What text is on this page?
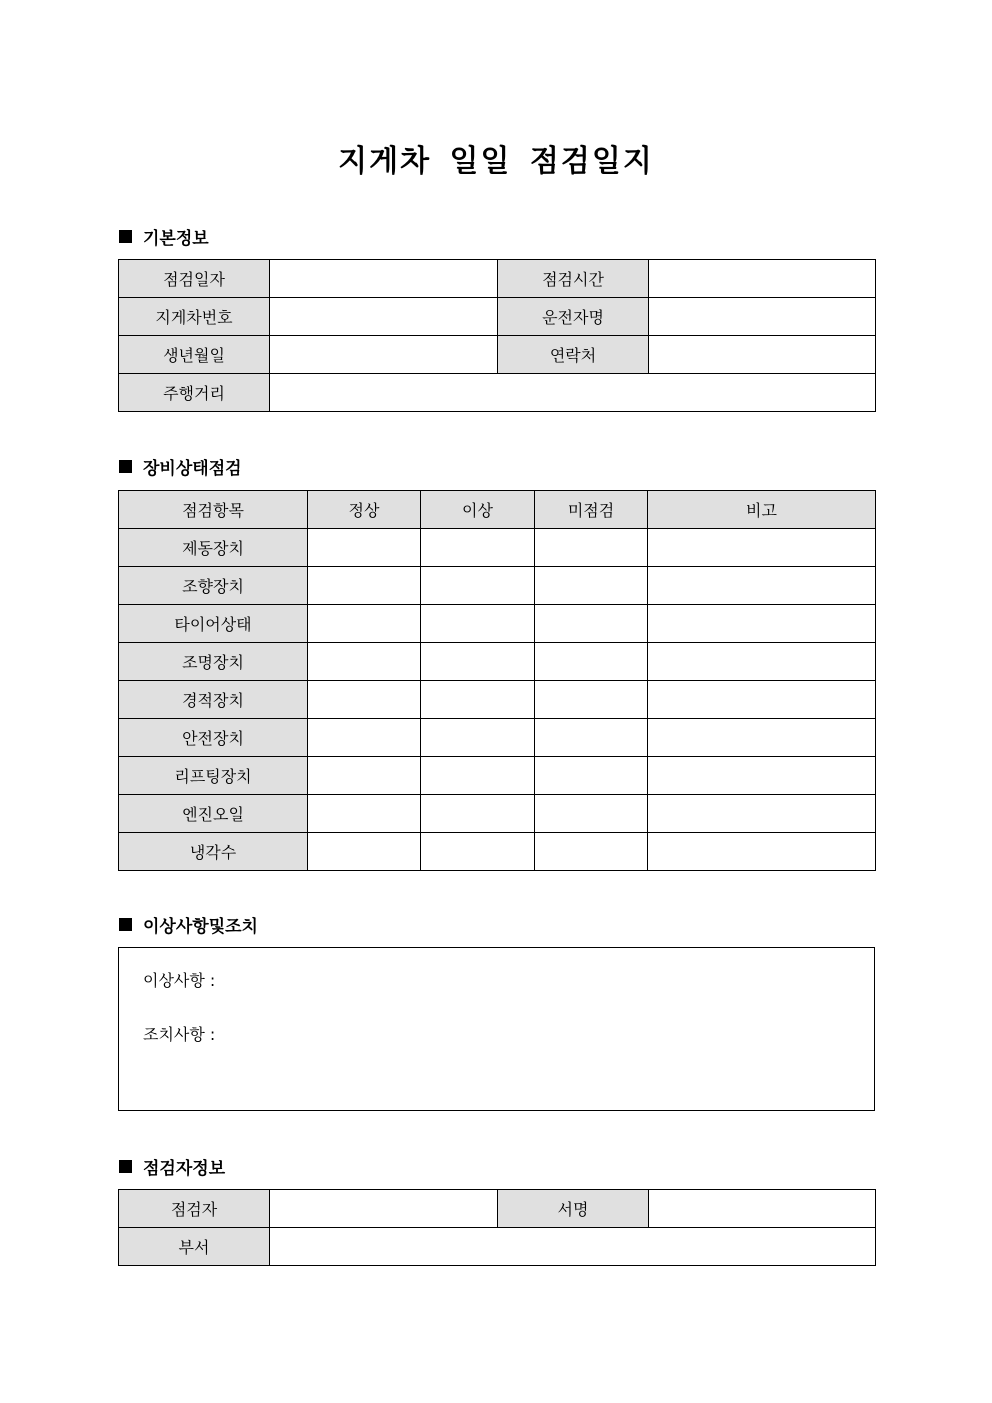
지게차 일일 점검일지
기본정보
점검일자		점검시간	
지게차번호		운전자명	
생년월일		연락처	
주행거리			
장비상태점검
점검항목	정상	이상	미점검	비고
제동장치				
조향장치				
타이어상태				
조명장치				
경적장치				
안전장치				
리프팅장치				
엔진오일				
냉각수				
이상사항및조치
이상사항 :
조치사항 :
점검자정보
점검자		서명	
부서			
